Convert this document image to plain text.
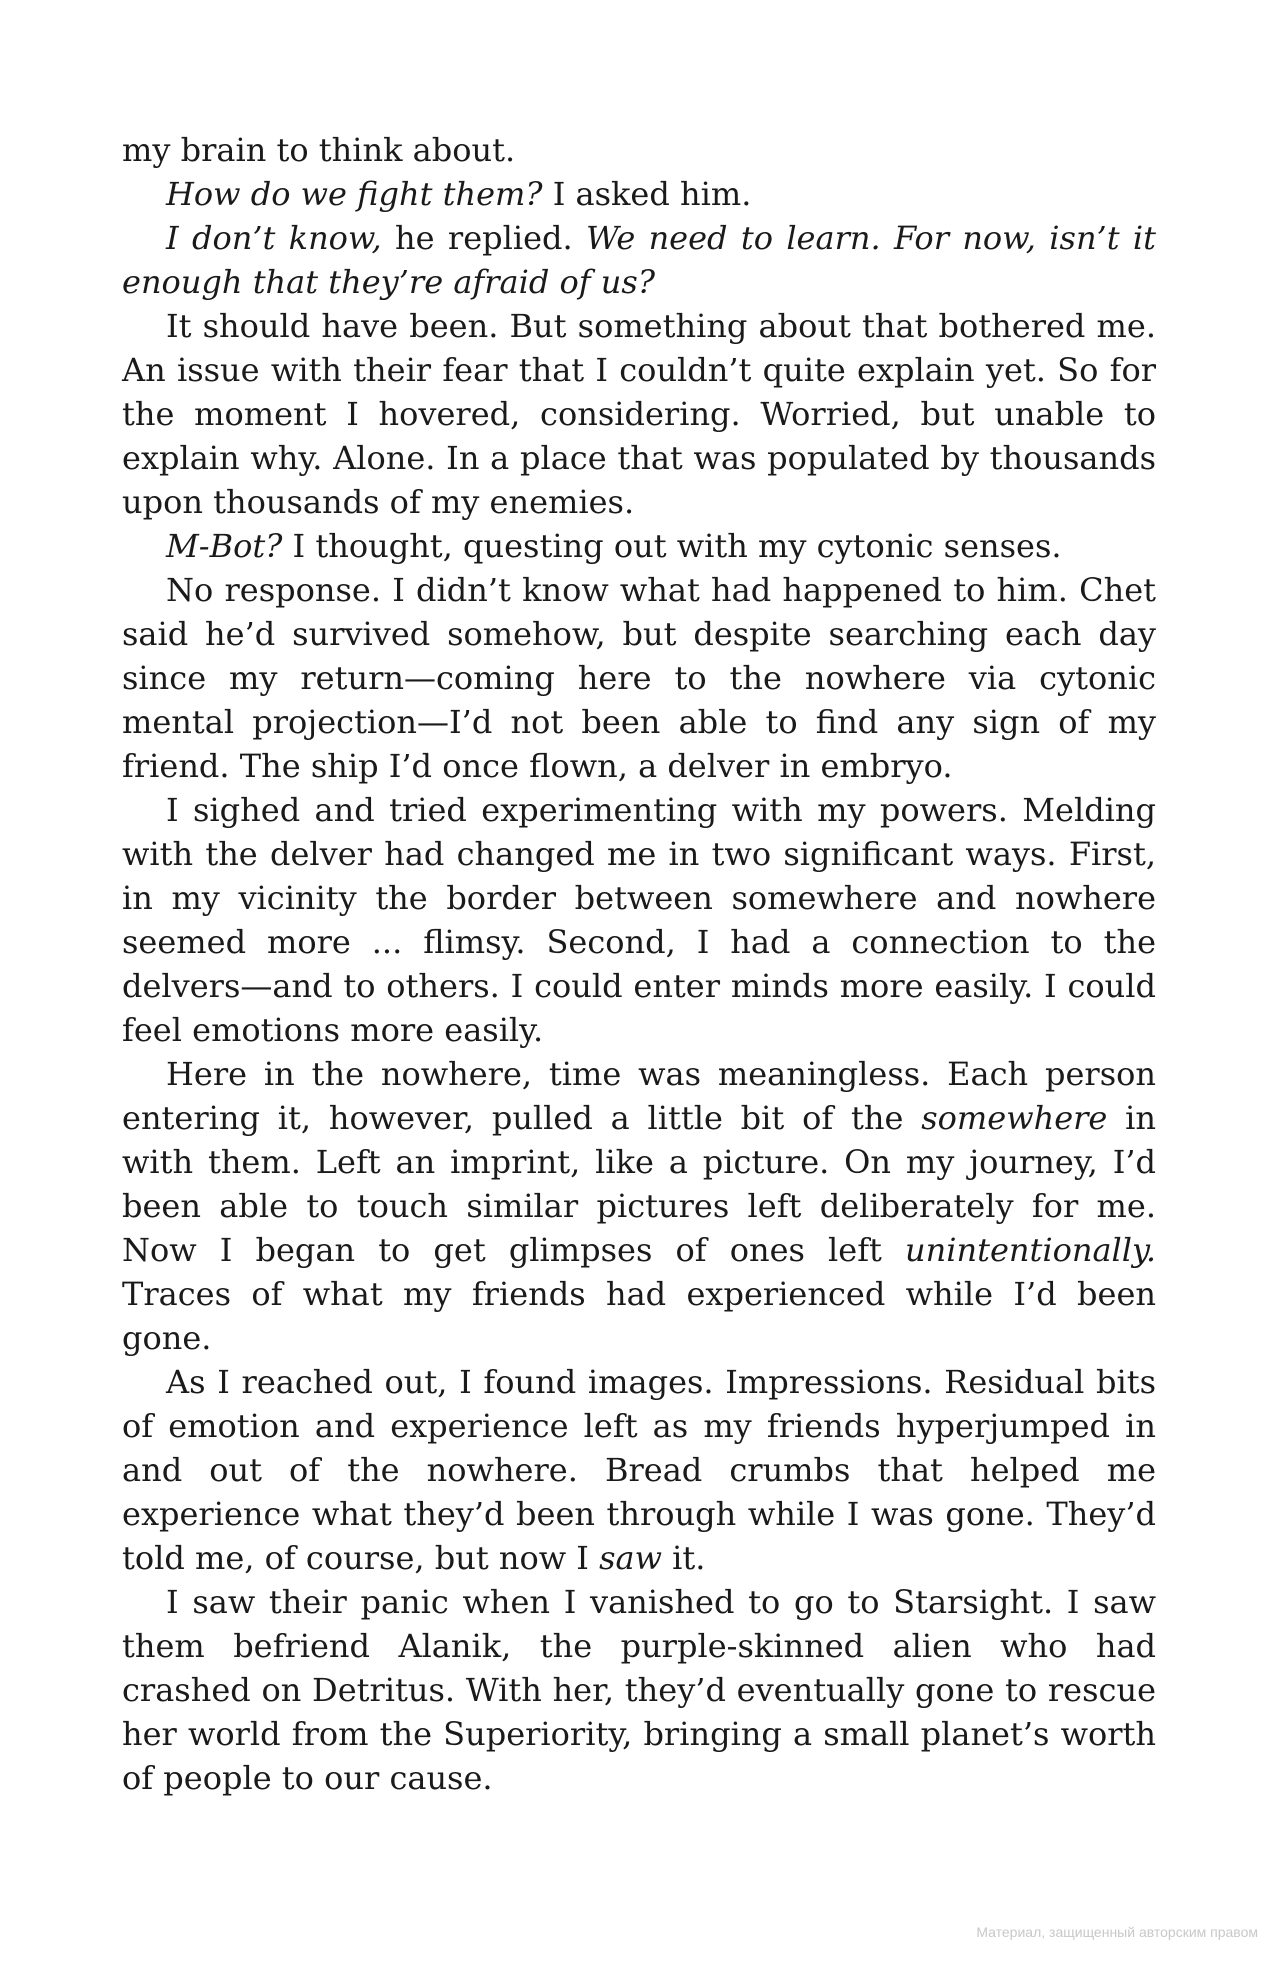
my brain to think about.

How do we fight them? I asked him.

I don’t know, he replied. We need to learn. For now, isn’t it enough that they’re afraid of us?

It should have been. But something about that bothered me. An issue with their fear that I couldn’t quite explain yet. So for the moment I hovered, considering. Worried, but unable to explain why. Alone. In a place that was populated by thousands upon thousands of my enemies.

M-Bot? I thought, questing out with my cytonic senses.

No response. I didn’t know what had happened to him. Chet said he’d survived somehow, but despite searching each day since my return—coming here to the nowhere via cytonic mental projection—I’d not been able to find any sign of my friend. The ship I’d once flown, a delver in embryo.

I sighed and tried experimenting with my powers. Melding with the delver had changed me in two significant ways. First, in my vicinity the border between somewhere and nowhere seemed more ... flimsy. Second, I had a connection to the delvers—and to others. I could enter minds more easily. I could feel emotions more easily.

Here in the nowhere, time was meaningless. Each person entering it, however, pulled a little bit of the somewhere in with them. Left an imprint, like a picture. On my journey, I’d been able to touch similar pictures left deliberately for me. Now I began to get glimpses of ones left unintentionally. Traces of what my friends had experienced while I’d been gone.

As I reached out, I found images. Impressions. Residual bits of emotion and experience left as my friends hyperjumped in and out of the nowhere. Bread crumbs that helped me experience what they’d been through while I was gone. They’d told me, of course, but now I saw it.

I saw their panic when I vanished to go to Starsight. I saw them befriend Alanik, the purple-skinned alien who had crashed on Detritus. With her, they’d eventually gone to rescue her world from the Superiority, bringing a small planet’s worth of people to our cause.

Материал, защищенный авторским правом
